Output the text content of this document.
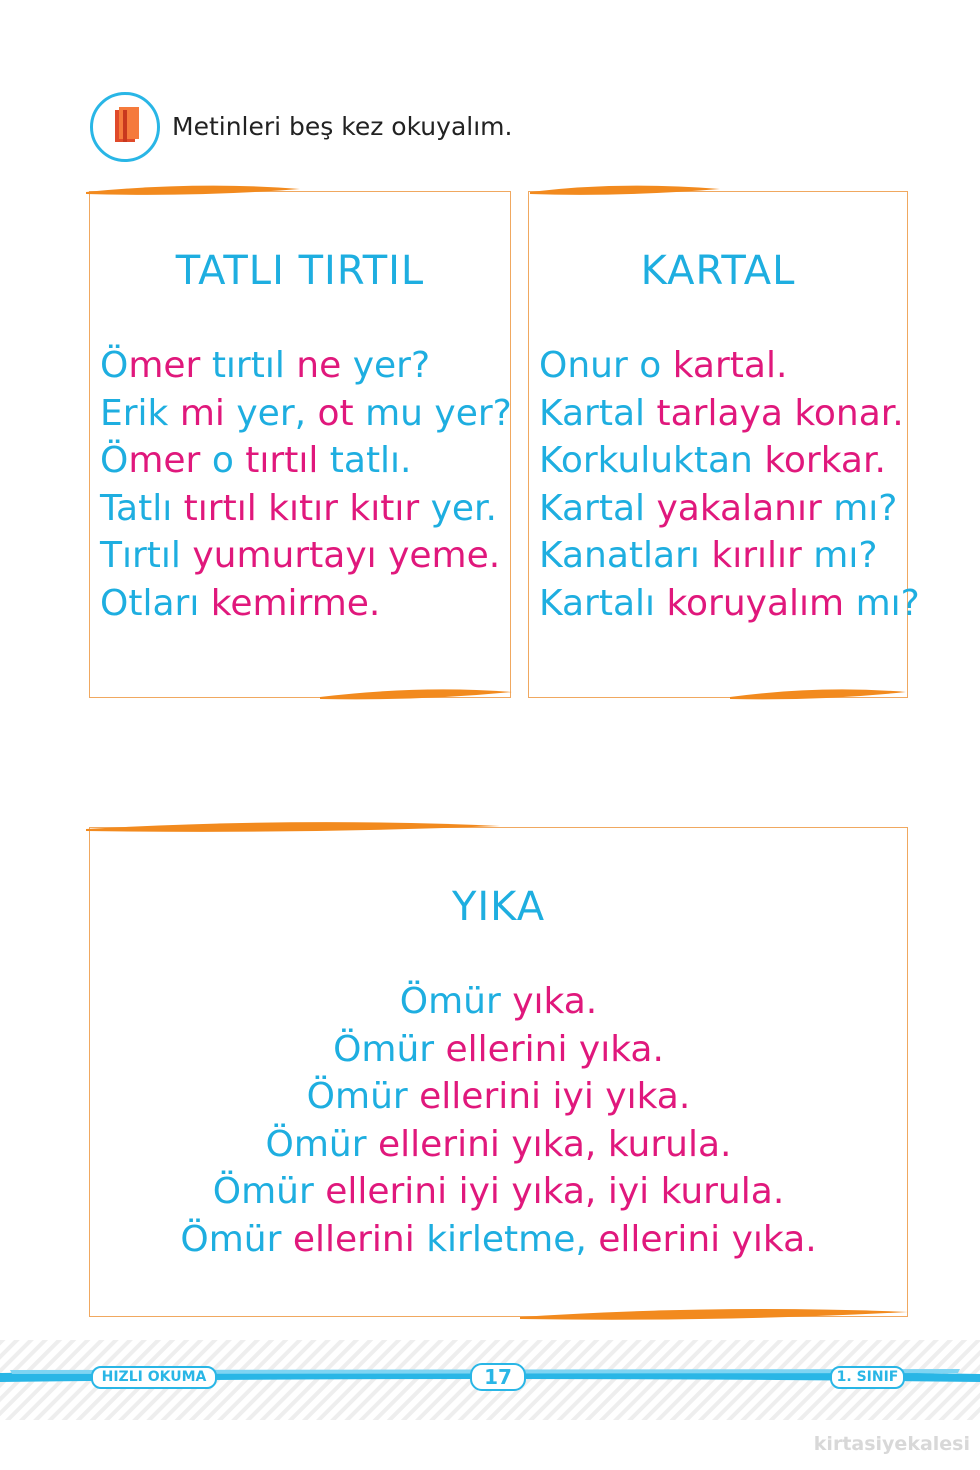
Metinleri beş kez okuyalım.
TATLI TIRTIL
Ömer tırtıl ne yer?
Erik mi yer, ot mu yer?
Ömer o tırtıl tatlı.
Tatlı tırtıl kıtır kıtır yer.
Tırtıl yumurtayı yeme.
Otları kemirme.
KARTAL
Onur o kartal.
Kartal tarlaya konar.
Korkuluktan korkar.
Kartal yakalanır mı?
Kanatları kırılır mı?
Kartalı koruyalım mı?
YIKA
Ömür yıka.
Ömür ellerini yıka.
Ömür ellerini iyi yıka.
Ömür ellerini yıka, kurula.
Ömür ellerini iyi yıka, iyi kurula.
Ömür ellerini kirletme, ellerini yıka.
HIZLI OKUMA	17	1. SINIF
kirtasiyekalesi
